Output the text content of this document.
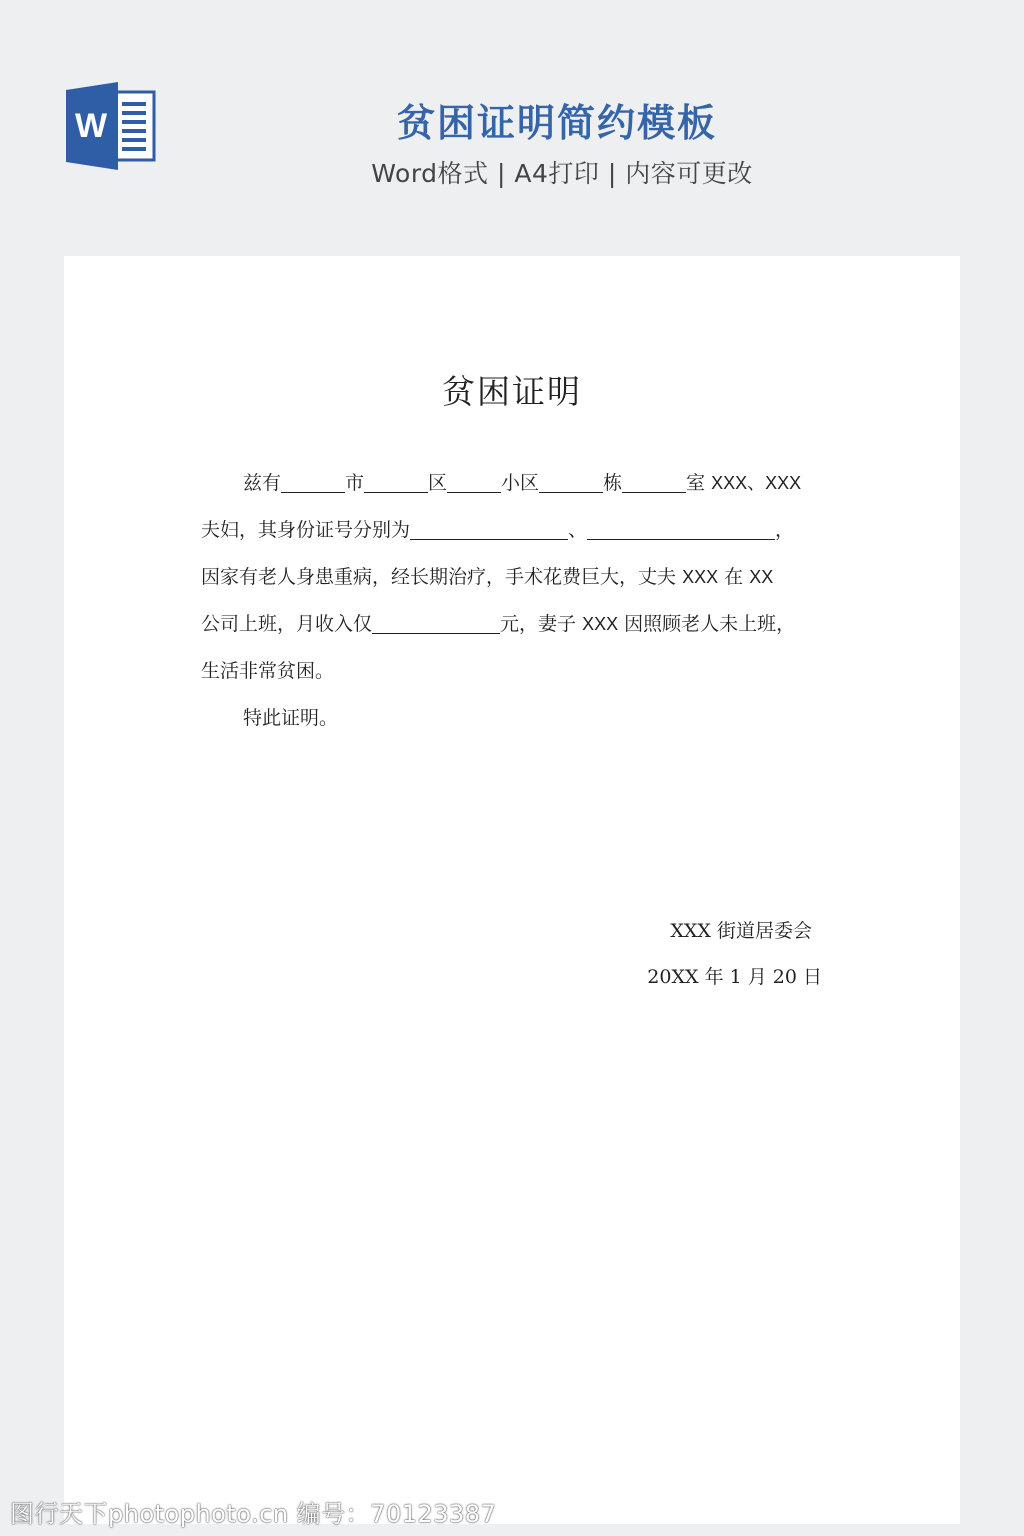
W	贫困证明简约模板
Word格式 | A4打印 | 内容可更改
贫困证明
兹有	市	区	小区	栋	室 XXX、XXX
夫妇，其身份证号分别为	、	，
因家有老人身患重病，经长期治疗，手术花费巨大，丈夫 XXX 在 XX
公司上班，月收入仅	元，妻子 XXX 因照顾老人未上班，
生活非常贫困。
特此证明。
XXX 街道居委会
20XX 年 1 月 20 日
图行天下photophoto.cn 编号：70123387
